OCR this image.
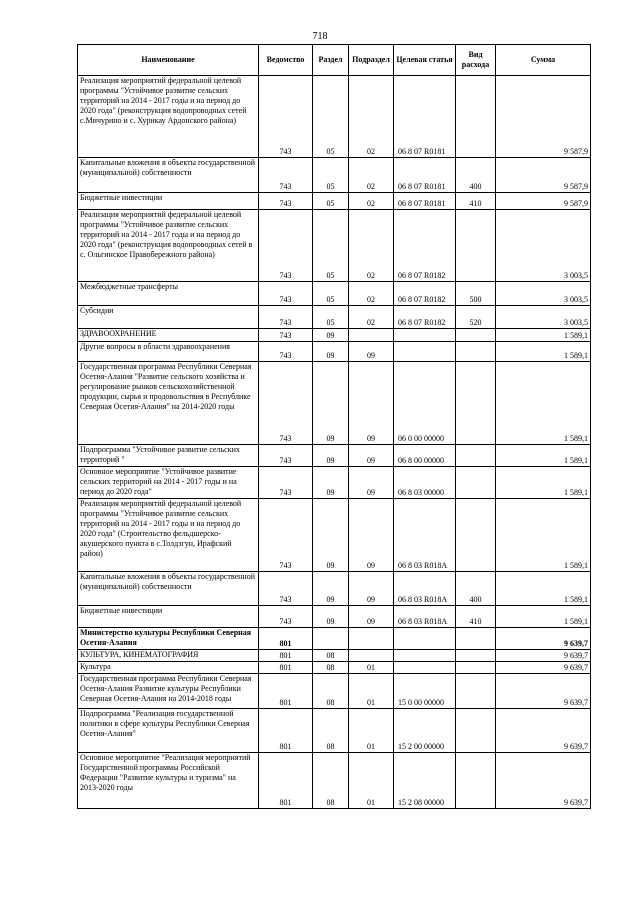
718
Наименование	Ведомство	Раздел	Подраздел	Целевая статья	Вид расхода	Сумма
Реализация мероприятий федеральной целевой программы "Устойчивое развитие сельских территорий на 2014 - 2017 годы и на период до 2020 года" (реконструкция водопроводных сетей с.Мичурино и с. Хурикау Ардонского района)	743	05	02	06 8 07 R0181		9 587,9
Капитальные вложения в объекты государственной (муниципальной) собственности	743	05	02	06 8 07 R0181	400	9 587,9
Бюджетные инвестиции	743	05	02	06 8 07 R0181	410	9 587,9
Реализация мероприятий федеральной целевой программы "Устойчивое развитие сельских территорий на 2014 - 2017 годы и на период до 2020 года" (реконструкция водопроводных сетей в с. Ольгинское Правобережного района)	743	05	02	06 8 07 R0182		3 003,5
Межбюджетные трансферты	743	05	02	06 8 07 R0182	500	3 003,5
Субсидии	743	05	02	06 8 07 R0182	520	3 003,5
ЗДРАВООХРАНЕНИЕ	743	09				1 589,1
Другие вопросы в области здравоохранения	743	09	09			1 589,1
Государственная программа Республики Северная Осетия-Алания "Развитие сельского хозяйства и регулирование рынков сельскохозяйственной продукции, сырья и продовольствия в Республике Северная Осетия-Алания" на 2014-2020 годы	743	09	09	06 0 00 00000		1 589,1
Подпрограмма "Устойчивое развитие сельских территорий "	743	09	09	06 8 00 00000		1 589,1
Основное мероприятие "Устойчивое развитие сельских территорий на 2014 - 2017 годы и на период до 2020 года"	743	09	09	06 8 03 00000		1 589,1
Реализация мероприятий федеральной целевой программы "Устойчивое развитие сельских территорий на 2014 - 2017 годы и на период до 2020 года" (Строительство фельдшерско-акушерского пункта в с.Толдзгун, Ирафский район)	743	09	09	06 8 03 R018A		1 589,1
Капитальные вложения в объекты государственной (муниципальной) собственности	743	09	09	06 8 03 R018A	400	1 589,1
Бюджетные инвестиции	743	09	09	06 8 03 R018A	410	1 589,1
Министерство культуры Республики Северная Осетия-Алания	801					9 639,7
КУЛЬТУРА, КИНЕМАТОГРАФИЯ	801	08				9 639,7
Культура	801	08	01			9 639,7
Государственная программа Республики Северная Осетия-Алания Развитие культуры Республики Северная Осетия-Алания на 2014-2018 годы	801	08	01	15 0 00 00000		9 639,7
Подпрограмма "Реализация государственной политики в сфере культуры Республики Северная Осетия-Алания"	801	08	01	15 2 00 00000		9 639,7
Основное мероприятие "Реализация мероприятий Государственной программы Российской Федерации "Развитие культуры и туризма" на 2013-2020 годы	801	08	01	15 2 08 00000		9 639,7
